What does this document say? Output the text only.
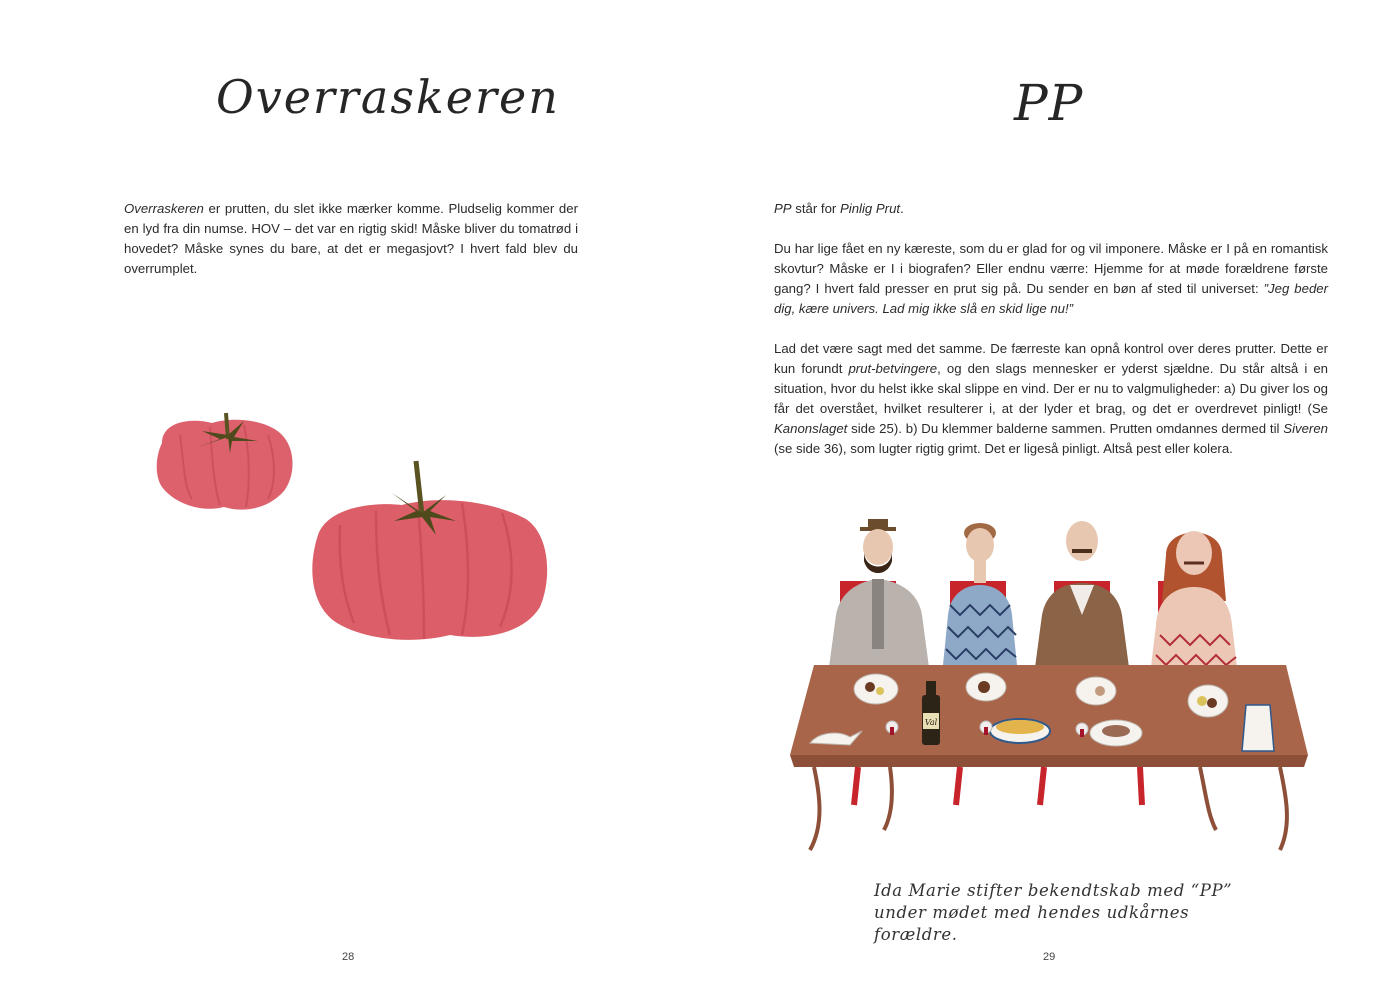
Overraskeren

Overraskeren er prutten, du slet ikke mærker komme. Pludselig kommer der en lyd fra din numse. HOV – det var en rigtig skid! Måske bliver du tomatrød i hovedet? Måske synes du bare, at det er megasjovt? I hvert fald blev du overrumplet.

28
PP

PP står for Pinlig Prut.

Du har lige fået en ny kæreste, som du er glad for og vil imponere. Måske er I på en romantisk skovtur? Måske er I i biografen? Eller endnu værre: Hjemme for at møde forældrene første gang? I hvert fald presser en prut sig på. Du sender en bøn af sted til universet: ”Jeg beder dig, kære univers. Lad mig ikke slå en skid lige nu!”

Lad det være sagt med det samme. De færreste kan opnå kontrol over deres prutter. Dette er kun forundt prut-betvingere, og den slags mennesker er yderst sjældne. Du står altså i en situation, hvor du helst ikke skal slippe en vind. Der er nu to valgmuligheder: a) Du giver los og får det overstået, hvilket resulterer i, at der lyder et brag, og det er overdrevet pinligt! (Se Kanonslaget side 25). b) Du klemmer balderne sammen. Prutten omdannes dermed til Siveren (se side 36), som lugter rigtig grimt. Det er ligeså pinligt. Altså pest eller kolera.

Val

Ida Marie stifter bekendtskab med “PP” under mødet med hendes udkårnes forældre.

29
